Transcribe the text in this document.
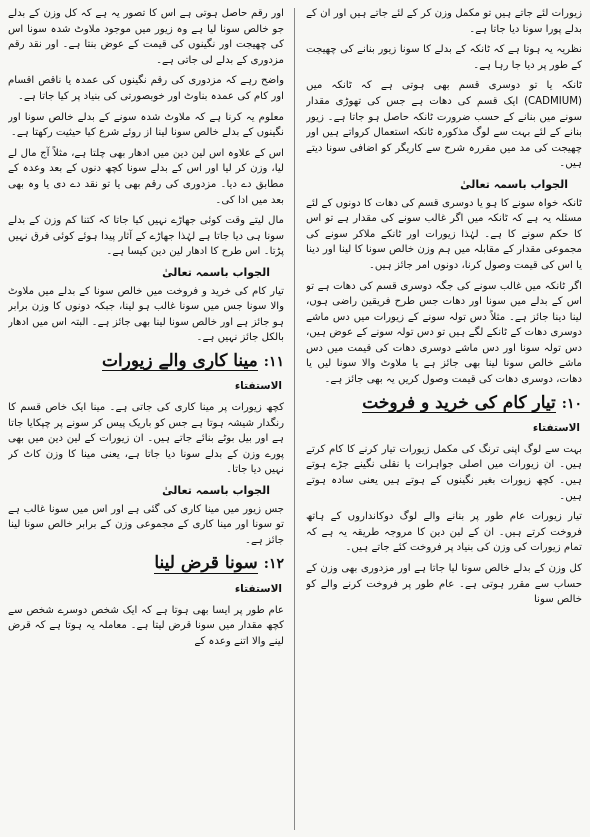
زیورات لئے جاتے ہیں تو مکمل وزن کر کے لئے جاتے ہیں اور ان کے بدلے پورا سونا دیا جاتا ہے۔

نظریہ یہ ہوتا ہے کہ ٹانکہ کے بدلے کا سونا زیور بنانے کی چھیجت کے طور پر دیا جا رہا ہے۔

ٹانکہ یا تو دوسری قسم بھی ہوتی ہے کہ ٹانکہ میں (CADMIUM) ایک قسم کی دھات ہے جس کی تھوڑی مقدار سونے میں بنانے کے حسب ضرورت ٹانکہ حاصل ہو جاتا ہے۔ زیور بنانے کے لئے بہت سے لوگ مذکورہ ٹانکہ استعمال کرواتے ہیں اور چھیجت کی مد میں مقررہ شرح سے کاریگر کو اضافی سونا دیتے ہیں۔

الجواب باسمہ تعالیٰ

ٹانکہ خواہ سونے کا ہو یا دوسری قسم کی دھات کا دونوں کے لئے مسئلہ یہ ہے کہ ٹانکہ میں اگر غالب سونے کی مقدار ہے تو اس کا حکم سونے کا ہے۔ لہٰذا زیورات اور ٹانکے ملاکر سونے کی مجموعی مقدار کے مقابلہ میں ہم وزن خالص سونا کا لینا اور دینا یا اس کی قیمت وصول کرنا، دونوں امر جائز ہیں۔

اگر ٹانکہ میں غالب سونے کی جگہ دوسری قسم کی دھات ہے تو اس کے بدلے میں سونا اور دھات جس طرح فریقین راضی ہوں، لینا دینا جائز ہے۔ مثلاً دس تولہ سونے کے زیورات میں دس ماشے دوسری دھات کے ٹانکے لگے ہیں تو دس تولہ سونے کے عوض ہیں، دس تولہ سونا اور دس ماشے دوسری دھات کی قیمت میں دس ماشے خالص سونا لینا بھی جائز ہے یا ملاوٹ والا سونا لیں یا دھات، دوسری دھات کی قیمت وصول کریں یہ بھی جائز ہے۔

۱۰:
تیار کام کی خرید و فروخت
الاستفتاء

بہت سے لوگ اپنی ترنگ کی مکمل زیورات تیار کرنے کا کام کرتے ہیں۔ ان زیورات میں اصلی جواہرات یا نقلی نگینے جڑے ہوتے ہیں۔ کچھ زیورات بغیر نگینوں کے ہوتے ہیں یعنی سادہ ہوتے ہیں۔

تیار زیورات عام طور پر بنانے والے لوگ دوکانداروں کے ہاتھ فروخت کرتے ہیں۔ ان کے لین دین کا مروجہ طریقہ یہ ہے کہ تمام زیورات کی وزن کی بنیاد پر فروخت کئے جاتے ہیں۔

کل وزن کے بدلے خالص سونا لیا جاتا ہے اور مزدوری بھی وزن کے حساب سے مقرر ہوتی ہے۔ عام طور پر فروخت کرنے والے کو خالص سونا

اور رقم حاصل ہوتی ہے اس کا تصور یہ ہے کہ کل وزن کے بدلے جو خالص سونا لیا ہے وہ زیور میں موجود ملاوٹ شدہ سونا اس کی چھیجت اور نگینوں کی قیمت کے عوض بنتا ہے۔ اور نقد رقم مزدوری کے بدلے لی جاتی ہے۔

واضح رہے کہ مزدوری کی رقم نگینوں کی عمدہ یا ناقص اقسام اور کام کی عمدہ بناوٹ اور خوبصورتی کی بنیاد پر کیا جاتا ہے۔

معلوم یہ کرنا ہے کہ ملاوٹ شدہ سونے کے بدلے خالص سونا اور نگینوں کے بدلے خالص سونا لینا از روئے شرع کیا حیثیت رکھتا ہے۔

اس کے علاوہ اس لین دین میں ادھار بھی چلتا ہے، مثلاً آج مال لے لیا، وزن کر لیا اور اس کے بدلے سونا کچھ دنوں کے بعد وعدہ کے مطابق دے دیا۔ مزدوری کی رقم بھی یا تو نقد دے دی یا وہ بھی بعد میں ادا کی۔

مال لیتے وقت کوئی جھاڑے نہیں کیا جاتا کہ کتنا کم وزن کے بدلے سونا ہی دیا جاتا ہے لہٰذا جھاڑے کے آثار پیدا ہوئے کوئی فرق نہیں پڑتا۔ اس طرح کا ادھار لین دین کیسا ہے۔

الجواب باسمہ تعالیٰ

تیار کام کی خرید و فروخت میں خالص سونا کے بدلے میں ملاوٹ والا سونا جس میں سونا غالب ہو لینا، جبکہ دونوں کا وزن برابر ہو جائز ہے اور خالص سونا لینا بھی جائز ہے۔ البتہ اس میں ادھار بالکل جائز نہیں ہے۔

۱۱:
مینا کاری والے زیورات
الاستفتاء

کچھ زیورات پر مینا کاری کی جاتی ہے۔ مینا ایک خاص قسم کا رنگدار شیشہ ہوتا ہے جس کو باریک پیس کر سونے پر چپکایا جاتا ہے اور بیل بوٹے بنائے جاتے ہیں۔ ان زیورات کے لین دین میں بھی پورے وزن کے بدلے سونا دیا جاتا ہے، یعنی مینا کا وزن کاٹ کر نہیں دیا جاتا۔

الجواب باسمہ تعالیٰ

جس زیور میں مینا کاری کی گئی ہے اور اس میں سونا غالب ہے تو سونا اور مینا کاری کے مجموعی وزن کے برابر خالص سونا لینا جائز ہے۔

۱۲:
سونا قرض لینا
الاستفتاء

عام طور پر ایسا بھی ہوتا ہے کہ ایک شخص دوسرے شخص سے کچھ مقدار میں سونا قرض لیتا ہے۔ معاملہ یہ ہوتا ہے کہ قرض لینے والا اتنے وعدہ کے
